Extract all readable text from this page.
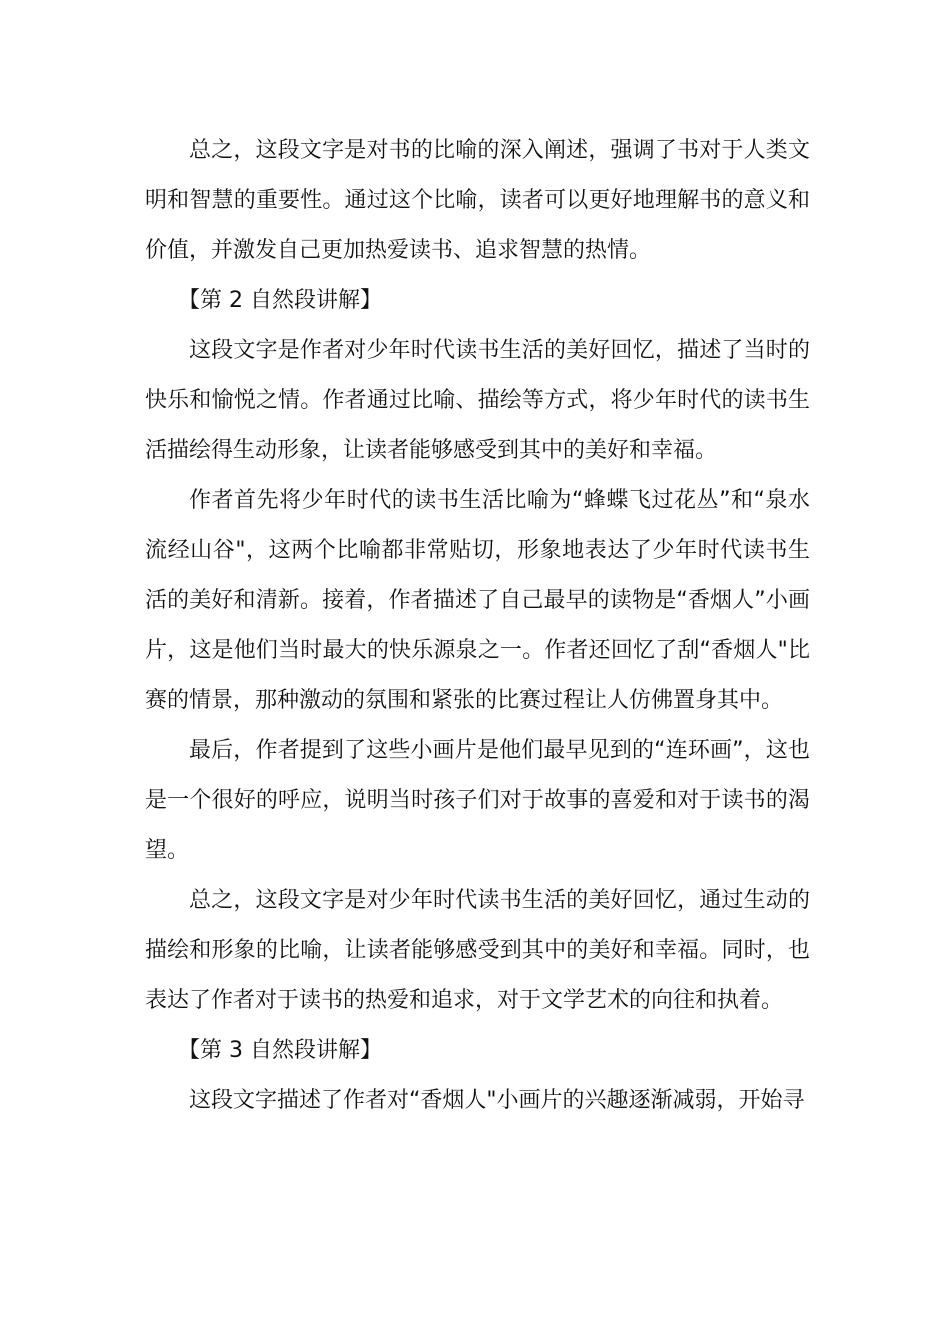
总之，这段文字是对书的比喻的深入阐述，强调了书对于人类文明和智慧的重要性。通过这个比喻，读者可以更好地理解书的意义和价值，并激发自己更加热爱读书、追求智慧的热情。

【第 2 自然段讲解】

这段文字是作者对少年时代读书生活的美好回忆，描述了当时的快乐和愉悦之情。作者通过比喻、描绘等方式，将少年时代的读书生活描绘得生动形象，让读者能够感受到其中的美好和幸福。

作者首先将少年时代的读书生活比喻为“蜂蝶飞过花丛”和“泉水流经山谷"，这两个比喻都非常贴切，形象地表达了少年时代读书生活的美好和清新。接着，作者描述了自己最早的读物是“香烟人”小画片，这是他们当时最大的快乐源泉之一。作者还回忆了刮“香烟人"比赛的情景，那种激动的氛围和紧张的比赛过程让人仿佛置身其中。

最后，作者提到了这些小画片是他们最早见到的“连环画”，这也是一个很好的呼应，说明当时孩子们对于故事的喜爱和对于读书的渴望。

总之，这段文字是对少年时代读书生活的美好回忆，通过生动的描绘和形象的比喻，让读者能够感受到其中的美好和幸福。同时，也表达了作者对于读书的热爱和追求，对于文学艺术的向往和执着。

【第 3 自然段讲解】

这段文字描述了作者对“香烟人"小画片的兴趣逐渐减弱，开始寻
